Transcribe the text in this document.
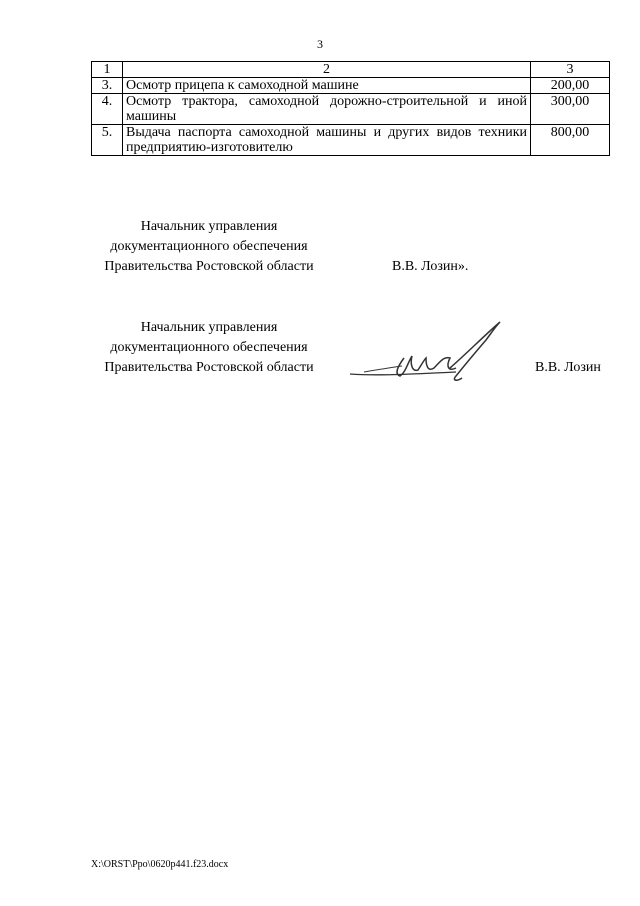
3
1	2	3
3.	Осмотр прицепа к самоходной машине	200,00
4.	Осмотр трактора, самоходной дорожно-строительной и иной машины	300,00
5.	Выдача паспорта самоходной машины и других видов техники предприятию-изготовителю	800,00
Начальник управления
документационного обеспечения
Правительства Ростовской области	В.В. Лозин».
Начальник управления
документационного обеспечения
Правительства Ростовской области	В.В. Лозин
X:\ORST\Ppo\0620p441.f23.docx
